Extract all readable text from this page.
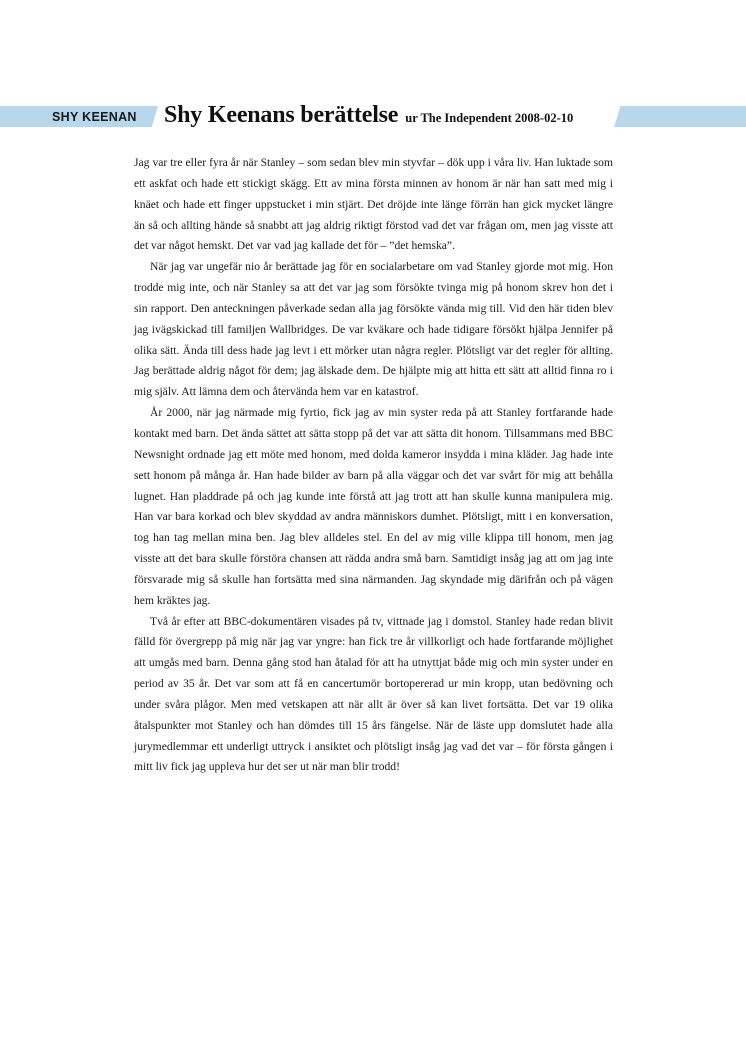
SHY KEENAN Shy Keenans berättelse ur The Independent 2008-02-10

Jag var tre eller fyra år när Stanley – som sedan blev min styvfar – dök upp i våra liv. Han luktade som ett askfat och hade ett stickigt skägg. Ett av mina första minnen av honom är när han satt med mig i knäet och hade ett finger uppstucket i min stjärt. Det dröjde inte länge förrän han gick mycket längre än så och allting hände så snabbt att jag aldrig riktigt förstod vad det var frågan om, men jag visste att det var något hemskt. Det var vad jag kallade det för – ”det hemska”.

När jag var ungefär nio år berättade jag för en socialarbetare om vad Stanley gjorde mot mig. Hon trodde mig inte, och när Stanley sa att det var jag som försökte tvinga mig på honom skrev hon det i sin rapport. Den anteckningen påverkade sedan alla jag försökte vända mig till. Vid den här tiden blev jag ivägskickad till familjen Wallbridges. De var kväkare och hade tidigare försökt hjälpa Jennifer på olika sätt. Ända till dess hade jag levt i ett mörker utan några regler. Plötsligt var det regler för allting. Jag berättade aldrig något för dem; jag älskade dem. De hjälpte mig att hitta ett sätt att alltid finna ro i mig själv. Att lämna dem och återvända hem var en katastrof.

År 2000, när jag närmade mig fyrtio, fick jag av min syster reda på att Stanley fortfarande hade kontakt med barn. Det ända sättet att sätta stopp på det var att sätta dit honom. Tillsammans med BBC Newsnight ordnade jag ett möte med honom, med dolda kameror insydda i mina kläder. Jag hade inte sett honom på många år. Han hade bilder av barn på alla väggar och det var svårt för mig att behålla lugnet. Han pladdrade på och jag kunde inte förstå att jag trott att han skulle kunna manipulera mig. Han var bara korkad och blev skyddad av andra människors dumhet. Plötsligt, mitt i en konversation, tog han tag mellan mina ben. Jag blev alldeles stel. En del av mig ville klippa till honom, men jag visste att det bara skulle förstöra chansen att rädda andra små barn. Samtidigt insåg jag att om jag inte försvarade mig så skulle han fortsätta med sina närmanden. Jag skyndade mig därifrån och på vägen hem kräktes jag.

Två år efter att BBC-dokumentären visades på tv, vittnade jag i domstol. Stanley hade redan blivit fälld för övergrepp på mig när jag var yngre: han fick tre år villkorligt och hade fortfarande möjlighet att umgås med barn. Denna gång stod han åtalad för att ha utnyttjat både mig och min syster under en period av 35 år. Det var som att få en cancertumör bortopererad ur min kropp, utan bedövning och under svåra plågor. Men med vetskapen att när allt är över så kan livet fortsätta. Det var 19 olika åtalspunkter mot Stanley och han dömdes till 15 års fängelse. När de läste upp domslutet hade alla jurymedlemmar ett underligt uttryck i ansiktet och plötsligt insåg jag vad det var – för första gången i mitt liv fick jag uppleva hur det ser ut när man blir trodd!
